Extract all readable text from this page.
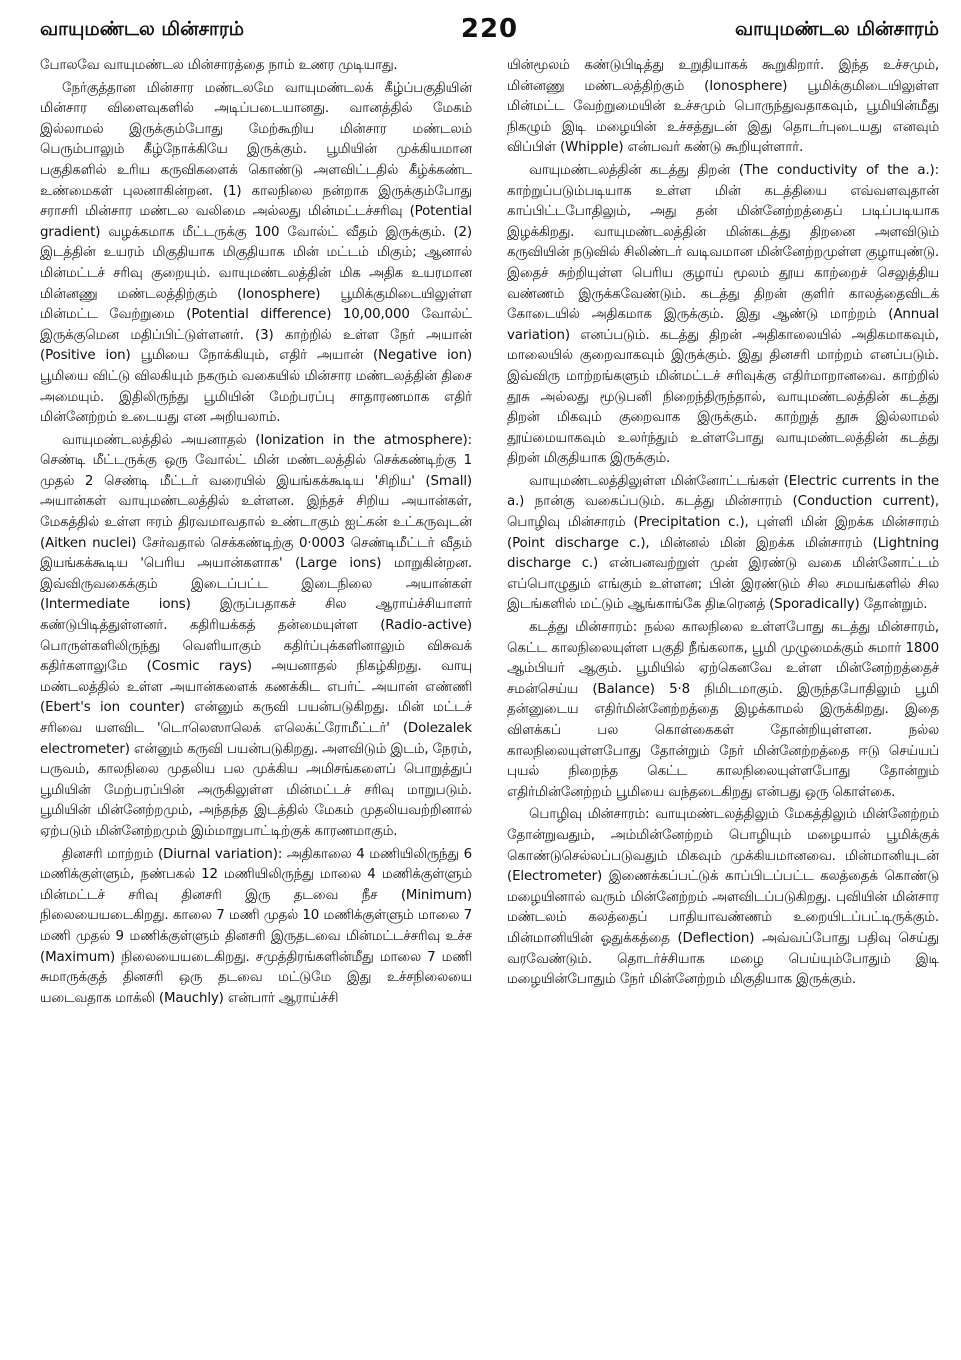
வாயுமண்டல மின்சாரம்	220	வாயுமண்டல மின்சாரம்

போலவே வாயுமண்டல மின்சாரத்தை நாம் உணர முடியாது.

நேர்குத்தான மின்சார மண்டலமே வாயுமண்டலக் கீழ்ப்பகுதியின் மின்சார விளைவுகளில் அடிப்படையானது. வானத்தில் மேகம் இல்லாமல் இருக்கும்போது மேற்கூறிய மின்சார மண்டலம் பெரும்பாலும் கீழ்நோக்கியே இருக்கும். பூமியின் முக்கியமான பகுதிகளில் உரிய கருவிகளைக் கொண்டு அளவிட்டதில் கீழ்க்கண்ட உண்மைகள் புலனாகின்றன. (1) காலநிலை நன்றாக இருக்கும்போது சராசரி மின்சார மண்டல வலிமை அல்லது மின்மட்டச்சரிவு (Potential gradient) வழக்கமாக மீட்டருக்கு 100 வோல்ட் வீதம் இருக்கும். (2) இடத்தின் உயரம் மிகுதியாக மிகுதியாக மின் மட்டம் மிகும்; ஆனால் மின்மட்டச் சரிவு குறையும். வாயுமண்டலத்தின் மிக அதிக உயரமான மின்னணு மண்டலத்திற்கும் (Ionosphere) பூமிக்குமிடையிலுள்ள மின்மட்ட வேற்றுமை (Potential difference) 10,00,000 வோல்ட் இருக்குமென மதிப்பிட்டுள்ளனர். (3) காற்றில் உள்ள நேர் அயான் (Positive ion) பூமியை நோக்கியும், எதிர் அயான் (Negative ion) பூமியை விட்டு விலகியும் நகரும் வகையில் மின்சார மண்டலத்தின் திசை அமையும். இதிலிருந்து பூமியின் மேற்பரப்பு சாதாரணமாக எதிர் மின்னேற்றம் உடையது என அறியலாம்.

வாயுமண்டலத்தில் அயனாதல் (Ionization in the atmosphere): செண்டி மீட்டருக்கு ஒரு வோல்ட் மின் மண்டலத்தில் செக்கண்டிற்கு 1 முதல் 2 செண்டி மீட்டர் வரையில் இயங்கக்கூடிய 'சிறிய' (Small) அயான்கள் வாயுமண்டலத்தில் உள்ளன. இந்தச் சிறிய அயான்கள், மேகத்தில் உள்ள ஈரம் திரவமாவதால் உண்டாகும் ஐட்கன் உட்கருவுடன் (Aitken nuclei) சேர்வதால் செக்கண்டிற்கு 0·0003 செண்டிமீட்டர் வீதம் இயங்கக்கூடிய 'பெரிய அயான்களாக' (Large ions) மாறுகின்றன. இவ்விருவகைக்கும் இடைப்பட்ட இடைநிலை அயான்கள் (Intermediate ions) இருப்பதாகச் சில ஆராய்ச்சியாளர் கண்டுபிடித்துள்ளனர். கதிரியக்கத் தன்மையுள்ள (Radio-active) பொருள்களிலிருந்து வெளியாகும் கதிர்ப்புக்களினாலும் விசுவக் கதிர்களாலுமே (Cosmic rays) அயனாதல் நிகழ்கிறது. வாயு மண்டலத்தில் உள்ள அயான்களைக் கணக்கிட எபர்ட் அயான் எண்ணி (Ebert's ion counter) என்னும் கருவி பயன்படுகிறது. மின் மட்டச் சரிவை யளவிட 'டொலெஸாலெக் எலெக்ட்ரோமீட்டர்' (Dolezalek electrometer) என்னும் கருவி பயன்படுகிறது. அளவிடும் இடம், நேரம், பருவம், காலநிலை முதலிய பல முக்கிய அமிசங்களைப் பொறுத்துப் பூமியின் மேற்பரப்பின் அருகிலுள்ள மின்மட்டச் சரிவு மாறுபடும். பூமியின் மின்னேற்றமும், அந்தந்த இடத்தில் மேகம் முதலியவற்றினால் ஏற்படும் மின்னேற்றமும் இம்மாறுபாட்டிற்குக் காரணமாகும்.

தினசரி மாற்றம் (Diurnal variation): அதிகாலை 4 மணியிலிருந்து 6 மணிக்குள்ளும், நண்பகல் 12 மணியிலிருந்து மாலை 4 மணிக்குள்ளும் மின்மட்டச் சரிவு தினசரி இரு தடவை நீச (Minimum) நிலையையடைகிறது. காலை 7 மணி முதல் 10 மணிக்குள்ளும் மாலை 7 மணி முதல் 9 மணிக்குள்ளும் தினசரி இருதடவை மின்மட்டச்சரிவு உச்ச (Maximum) நிலையையடைகிறது. சமுத்திரங்களின்மீது மாலை 7 மணி சுமாருக்குத் தினசரி ஒரு தடவை மட்டுமே இது உச்சநிலையை யடைவதாக மாக்லி (Mauchly) என்பார் ஆராய்ச்சி

யின்மூலம் கண்டுபிடித்து உறுதியாகக் கூறுகிறார். இந்த உச்சமும், மின்னணு மண்டலத்திற்கும் (Ionosphere) பூமிக்குமிடையிலுள்ள மின்மட்ட வேற்றுமையின் உச்சமும் பொருந்துவதாகவும், பூமியின்மீது நிகழும் இடி மழையின் உச்சத்துடன் இது தொடர்புடையது எனவும் விப்பிள் (Whipple) என்பவர் கண்டு கூறியுள்ளார்.

வாயுமண்டலத்தின் கடத்து திறன் (The conductivity of the a.): காற்றுப்படும்படியாக உள்ள மின் கடத்தியை எவ்வளவுதான் காப்பிட்டபோதிலும், அது தன் மின்னேற்றத்தைப் படிப்படியாக இழக்கிறது. வாயுமண்டலத்தின் மின்கடத்து திறனை அளவிடும் கருவியின் நடுவில் சிலிண்டர் வடிவமான மின்னேற்றமுள்ள குழாயுண்டு. இதைச் சுற்றியுள்ள பெரிய குழாய் மூலம் தூய காற்றைச் செலுத்திய வண்ணம் இருக்கவேண்டும். கடத்து திறன் குளிர் காலத்தைவிடக் கோடையில் அதிகமாக இருக்கும். இது ஆண்டு மாற்றம் (Annual variation) எனப்படும். கடத்து திறன் அதிகாலையில் அதிகமாகவும், மாலையில் குறைவாகவும் இருக்கும். இது தினசரி மாற்றம் எனப்படும். இவ்விரு மாற்றங்களும் மின்மட்டச் சரிவுக்கு எதிர்மாறானவை. காற்றில் தூசு அல்லது மூடுபனி நிறைந்திருந்தால், வாயுமண்டலத்தின் கடத்து திறன் மிகவும் குறைவாக இருக்கும். காற்றுத் தூசு இல்லாமல் தூய்மையாகவும் உலர்ந்தும் உள்ளபோது வாயுமண்டலத்தின் கடத்து திறன் மிகுதியாக இருக்கும்.

வாயுமண்டலத்திலுள்ள மின்னோட்டங்கள் (Electric currents in the a.) நான்கு வகைப்படும். கடத்து மின்சாரம் (Conduction current), பொழிவு மின்சாரம் (Precipitation c.), புள்ளி மின் இறக்க மின்சாரம் (Point discharge c.), மின்னல் மின் இறக்க மின்சாரம் (Lightning discharge c.) என்பனவற்றுள் முன் இரண்டு வகை மின்னோட்டம் எப்பொழுதும் எங்கும் உள்ளன; பின் இரண்டும் சில சமயங்களில் சில இடங்களில் மட்டும் ஆங்காங்கே திடீரெனத் (Sporadically) தோன்றும்.

கடத்து மின்சாரம்: நல்ல காலநிலை உள்ளபோது கடத்து மின்சாரம், கெட்ட காலநிலையுள்ள பகுதி நீங்கலாக, பூமி முழுமைக்கும் சுமார் 1800 ஆம்பியர் ஆகும். பூமியில் ஏற்கெனவே உள்ள மின்னேற்றத்தைச் சமன்செய்ய (Balance) 5·8 நிமிடமாகும். இருந்தபோதிலும் பூமி தன்னுடைய எதிர்மின்னேற்றத்தை இழக்காமல் இருக்கிறது. இதை விளக்கப் பல கொள்கைகள் தோன்றியுள்ளன. நல்ல காலநிலையுள்ளபோது தோன்றும் நேர் மின்னேற்றத்தை ஈடு செய்யப் புயல் நிறைந்த கெட்ட காலநிலையுள்ளபோது தோன்றும் எதிர்மின்னேற்றம் பூமியை வந்தடைகிறது என்பது ஒரு கொள்கை.

பொழிவு மின்சாரம்: வாயுமண்டலத்திலும் மேகத்திலும் மின்னேற்றம் தோன்றுவதும், அம்மின்னேற்றம் பொழியும் மழையால் பூமிக்குக் கொண்டுசெல்லப்படுவதும் மிகவும் முக்கியமானவை. மின்மானியுடன் (Electrometer) இணைக்கப்பட்டுக் காப்பிடப்பட்ட கலத்தைக் கொண்டு மழையினால் வரும் மின்னேற்றம் அளவிடப்படுகிறது. புவியின் மின்சார மண்டலம் கலத்தைப் பாதியாவண்ணம் உறையிடப்பட்டிருக்கும். மின்மானியின் ஓதுக்கத்தை (Deflection) அவ்வப்போது பதிவு செய்து வரவேண்டும். தொடர்ச்சியாக மழை பெய்யும்போதும் இடி மழையின்போதும் நேர் மின்னேற்றம் மிகுதியாக இருக்கும்.
